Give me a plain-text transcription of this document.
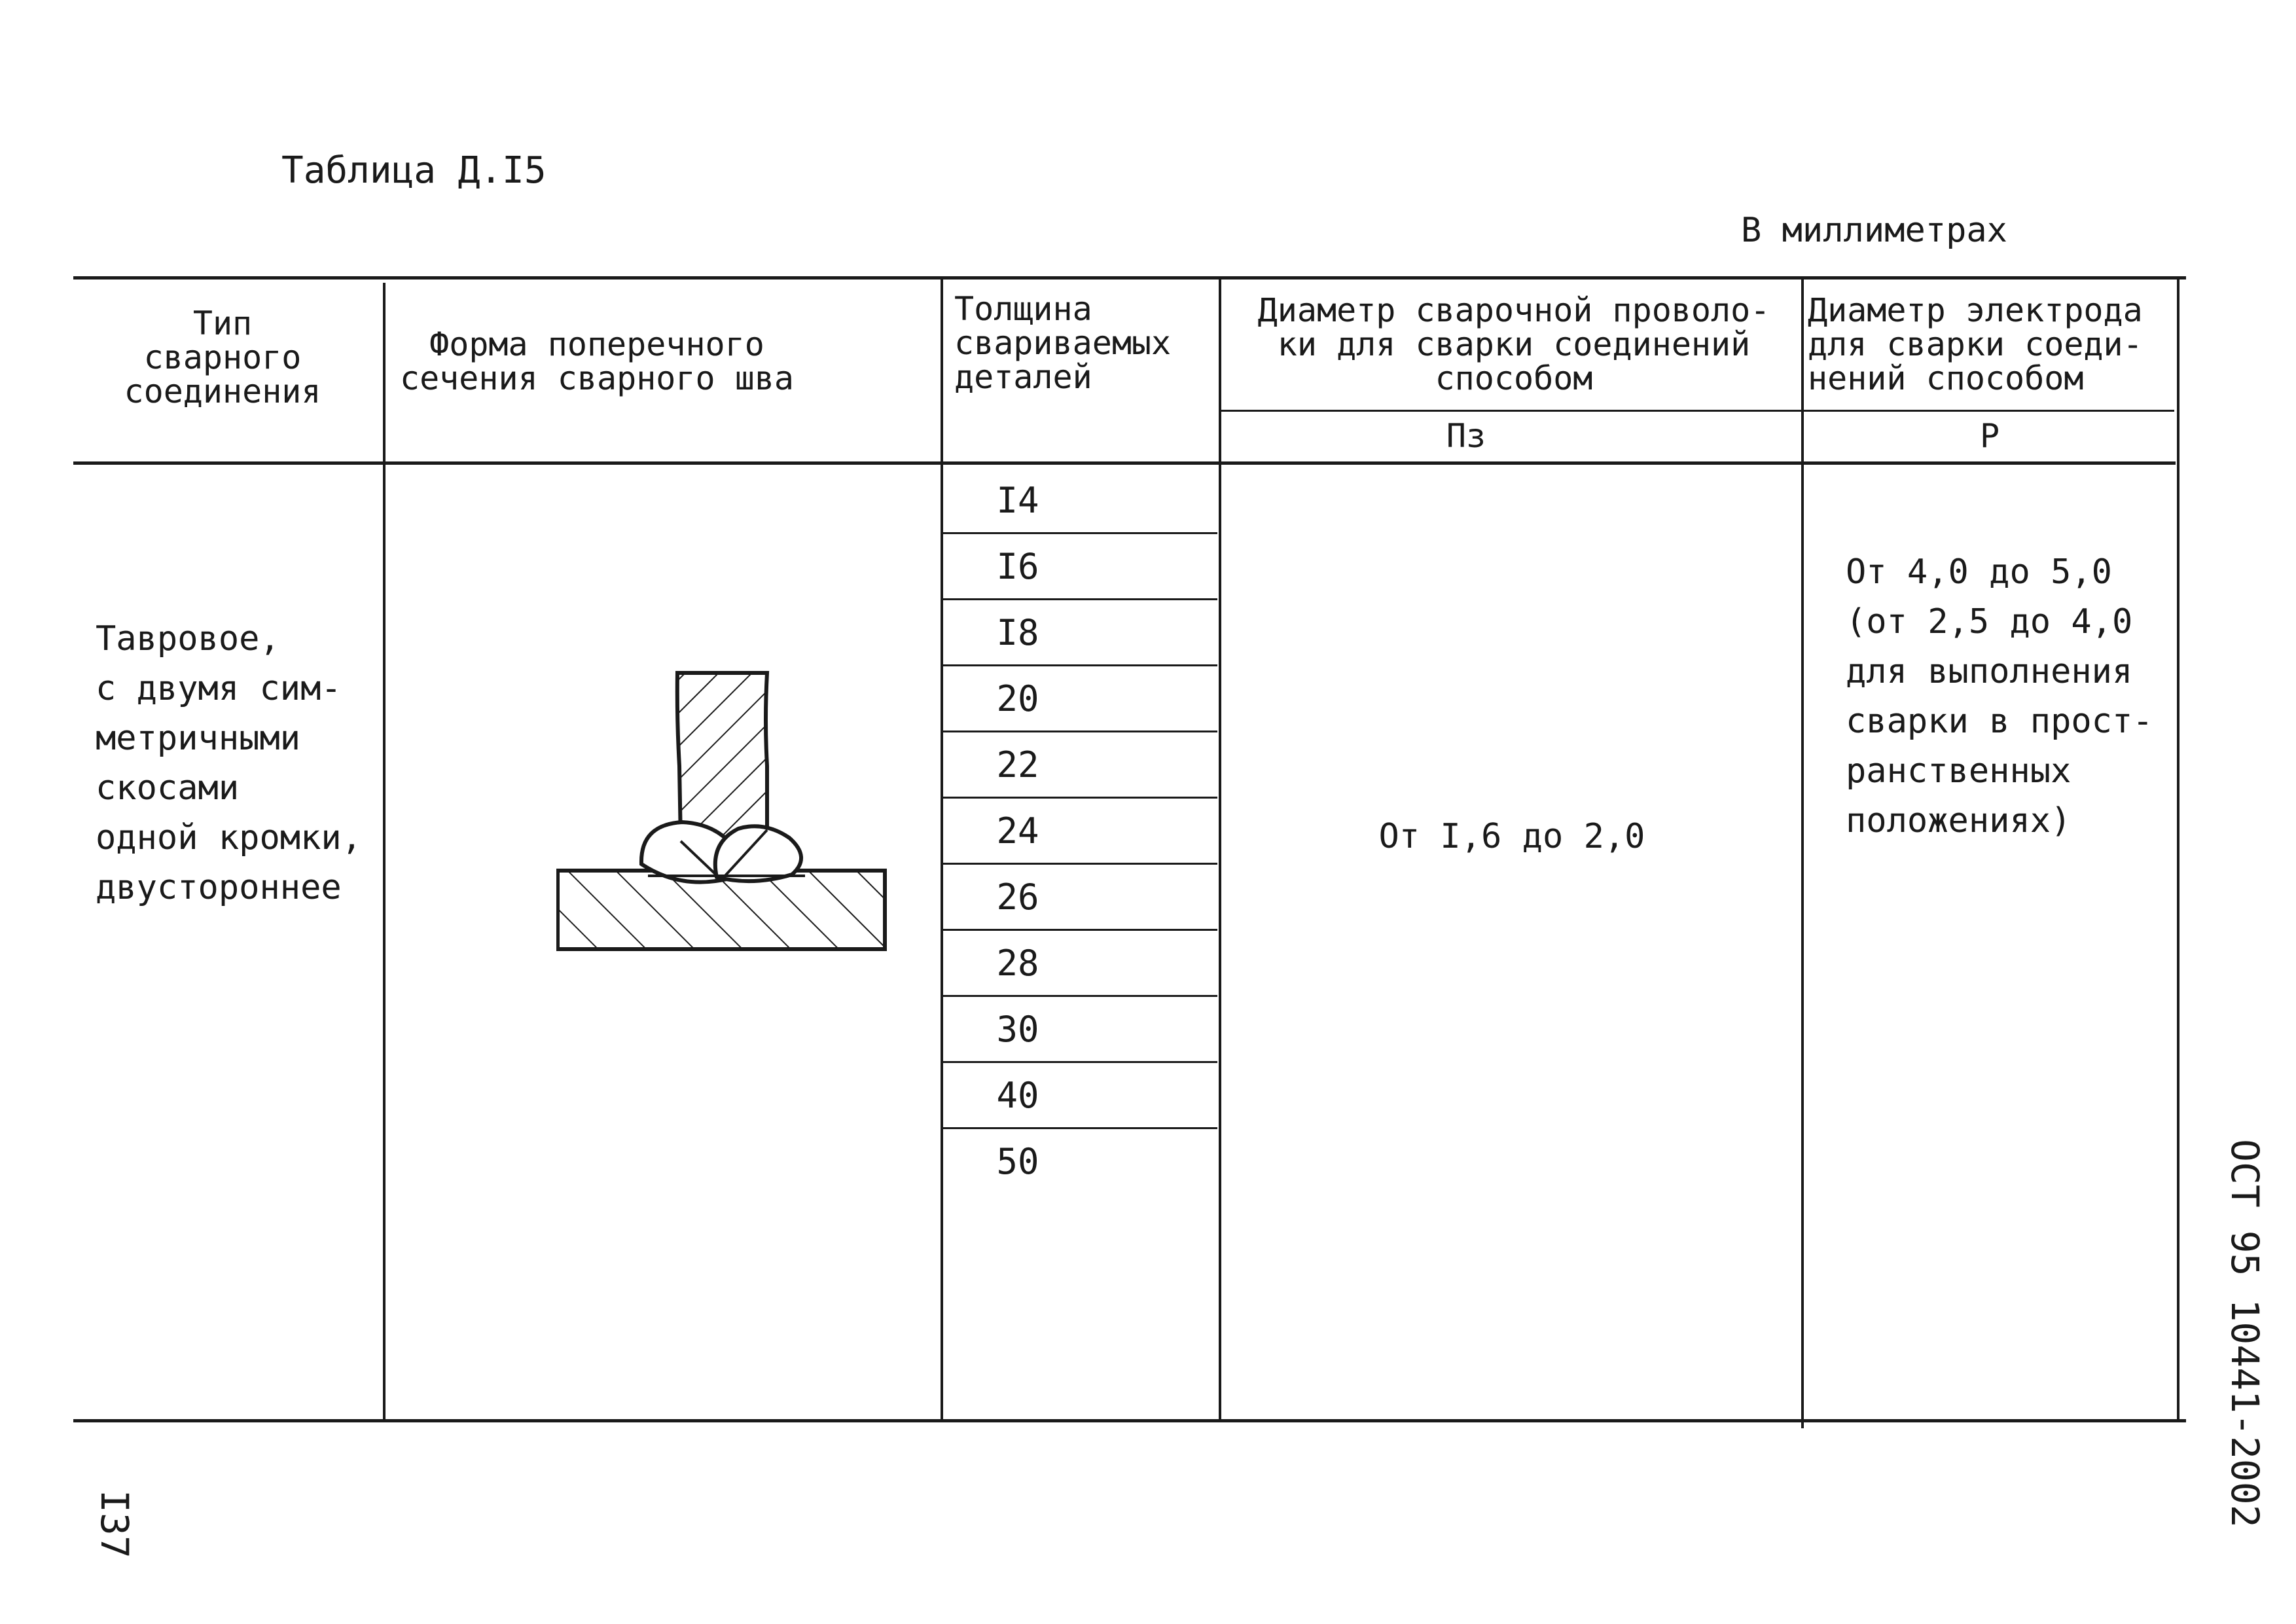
Таблица Д.I5
В миллиметрах
Тип
сварного
соединения
Форма поперечного
сечения сварного шва
Толщина
свариваемых
деталей
Диаметр сварочной проволо-
ки для сварки соединений
способом
Пз
Диаметр электрода
для сварки соеди-
нений способом
Р
Тавровое,
с двумя сим-
метричными
скосами
одной кромки,
двустороннее
I4
I6
I8
20
22
24
26
28
30
40
50
От I,6 до 2,0
От 4,0 до 5,0
(от 2,5 до 4,0
для выполнения
сварки в прост-
ранственных
положениях)
ОСТ 95 10441-2002
I37
